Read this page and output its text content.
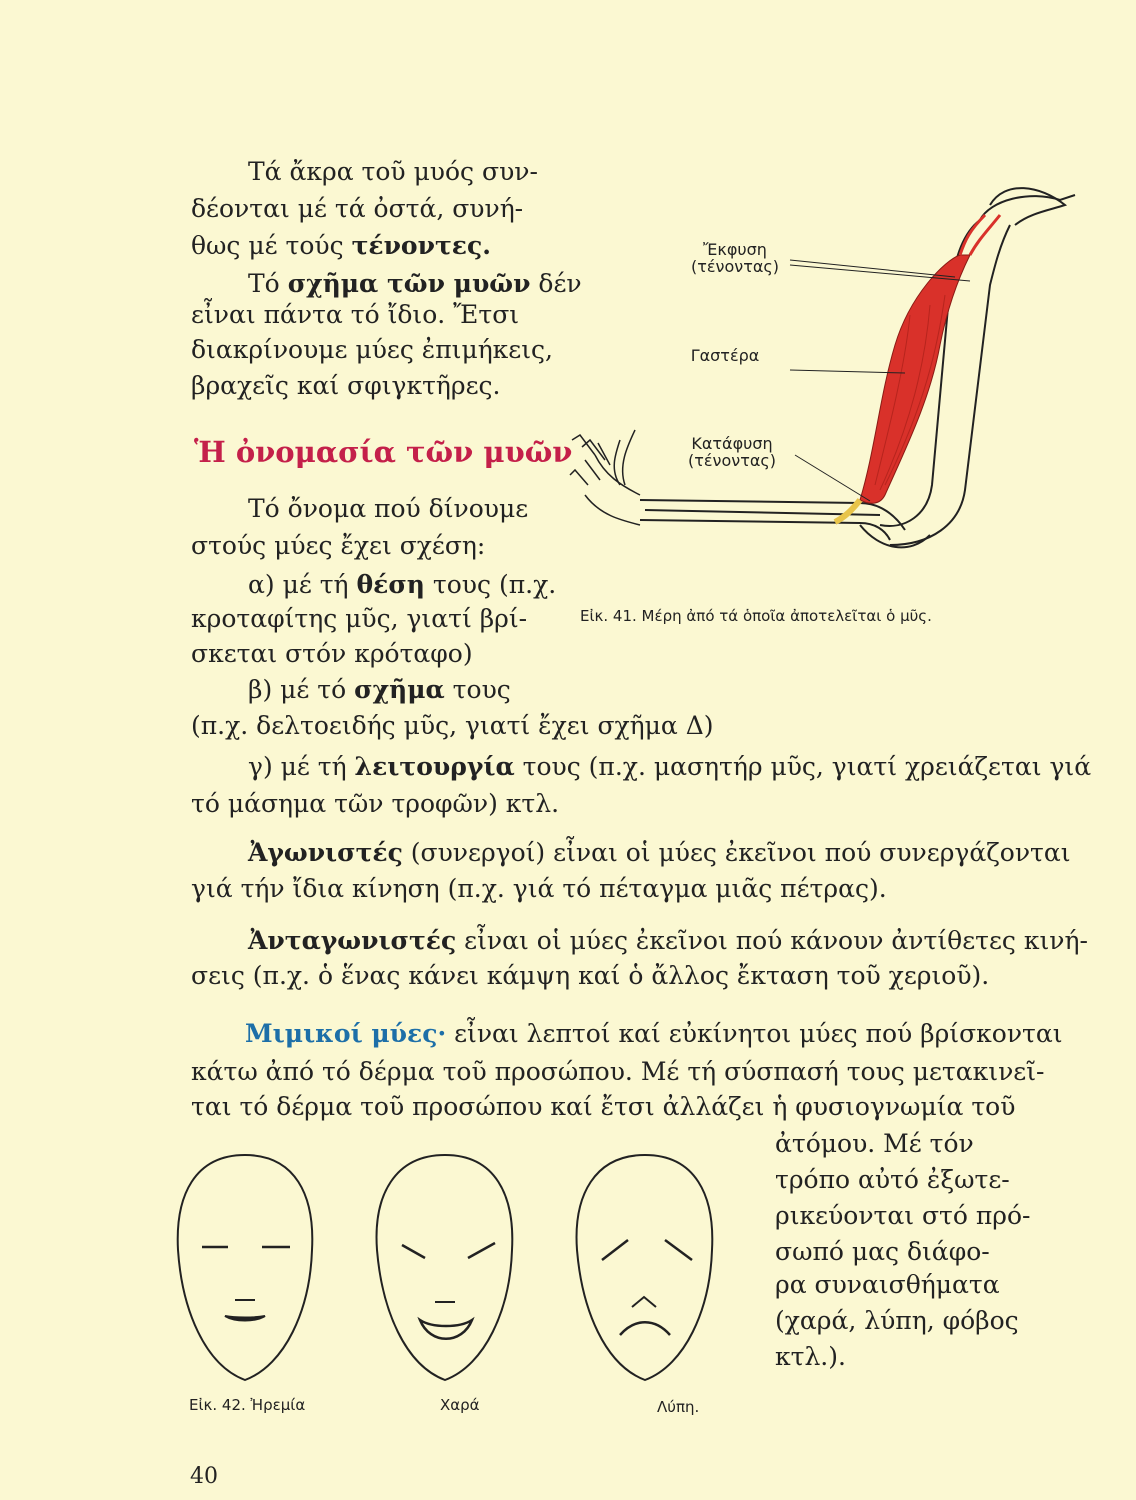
Τά ἄκρα τοῦ μυός συν-

δέονται μέ τά ὀστά, συνή-

θως μέ τούς τένοντες.

Τό σχῆμα τῶν μυῶν δέν

εἶναι πάντα τό ἴδιο. Ἔτσι

διακρίνουμε μύες ἐπιμήκεις,

βραχεῖς καί σφιγκτῆρες.

Ἡ ὀνομασία τῶν μυῶν

Τό ὄνομα πού δίνουμε

στούς μύες ἔχει σχέση:

α) μέ τή θέση τους (π.χ.

κροταφίτης μῦς, γιατί βρί-

σκεται στόν κρόταφο)

β) μέ τό σχῆμα τους

(π.χ. δελτοειδής μῦς, γιατί ἔχει σχῆμα Δ)

γ) μέ τή λειτουργία τους (π.χ. μασητήρ μῦς, γιατί χρειάζεται γιά

τό μάσημα τῶν τροφῶν) κτλ.

Ἀγωνιστές (συνεργοί) εἶναι οἱ μύες ἐκεῖνοι πού συνεργάζονται

γιά τήν ἴδια κίνηση (π.χ. γιά τό πέταγμα μιᾶς πέτρας).

Ἀνταγωνιστές εἶναι οἱ μύες ἐκεῖνοι πού κάνουν ἀντίθετες κινή-

σεις (π.χ. ὁ ἕνας κάνει κάμψη καί ὁ ἄλλος ἔκταση τοῦ χεριοῦ).

Μιμικοί μύες· εἶναι λεπτοί καί εὐκίνητοι μύες πού βρίσκονται

κάτω ἀπό τό δέρμα τοῦ προσώπου. Μέ τή σύσπασή τους μετακινεῖ-

ται τό δέρμα τοῦ προσώπου καί ἔτσι ἀλλάζει ἡ φυσιογνωμία τοῦ

ἀτόμου. Μέ τόν

τρόπο αὐτό ἐξωτε-

ρικεύονται στό πρό-

σωπό μας διάφο-

ρα συναισθήματα

(χαρά, λύπη, φόβος

κτλ.).

Ἔκφυση
(τένοντας)
Γαστέρα
Κατάφυση
(τένοντας)
Εἰκ. 41. Μέρη ἀπό τά ὁποῖα ἀποτελεῖται ὁ μῦς.
Εἰκ. 42. Ἠρεμία	Χαρά	Λύπη.
40
